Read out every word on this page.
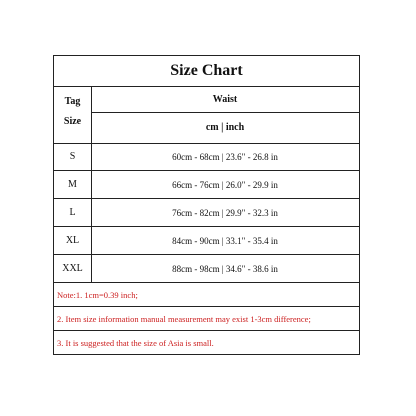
Size Chart
Tag
Size
Waist
cm | inch
S	60cm - 68cm | 23.6" - 26.8 in
M	66cm - 76cm | 26.0" - 29.9 in
L	76cm - 82cm | 29.9" - 32.3 in
XL	84cm - 90cm | 33.1" - 35.4 in
XXL	88cm - 98cm | 34.6" - 38.6 in
Note:1. 1cm=0.39 inch;
2. Item size information manual measurement may exist 1-3cm difference;
3. It is suggested that the size of Asia is small.
